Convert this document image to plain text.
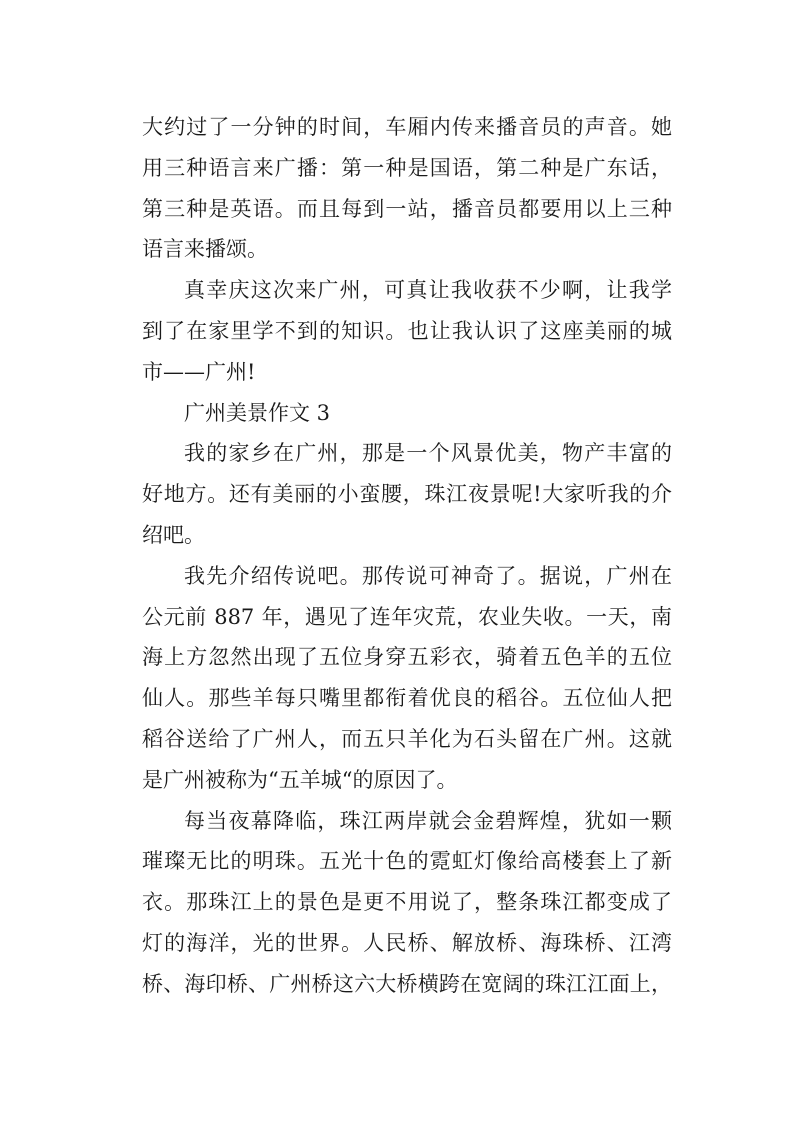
大约过了一分钟的时间，车厢内传来播音员的声音。她
用三种语言来广播：第一种是国语，第二种是广东话，
第三种是英语。而且每到一站，播音员都要用以上三种
语言来播颂。
真幸庆这次来广州，可真让我收获不少啊，让我学
到了在家里学不到的知识。也让我认识了这座美丽的城
市——广州!
广州美景作文 3
我的家乡在广州，那是一个风景优美，物产丰富的
好地方。还有美丽的小蛮腰，珠江夜景呢!大家听我的介
绍吧。
我先介绍传说吧。那传说可神奇了。据说，广州在
公元前 887 年，遇见了连年灾荒，农业失收。一天，南
海上方忽然出现了五位身穿五彩衣，骑着五色羊的五位
仙人。那些羊每只嘴里都衔着优良的稻谷。五位仙人把
稻谷送给了广州人，而五只羊化为石头留在广州。这就
是广州被称为“五羊城“的原因了。
每当夜幕降临，珠江两岸就会金碧辉煌，犹如一颗
璀璨无比的明珠。五光十色的霓虹灯像给高楼套上了新
衣。那珠江上的景色是更不用说了，整条珠江都变成了
灯的海洋，光的世界。人民桥、解放桥、海珠桥、江湾
桥、海印桥、广州桥这六大桥横跨在宽阔的珠江江面上，
